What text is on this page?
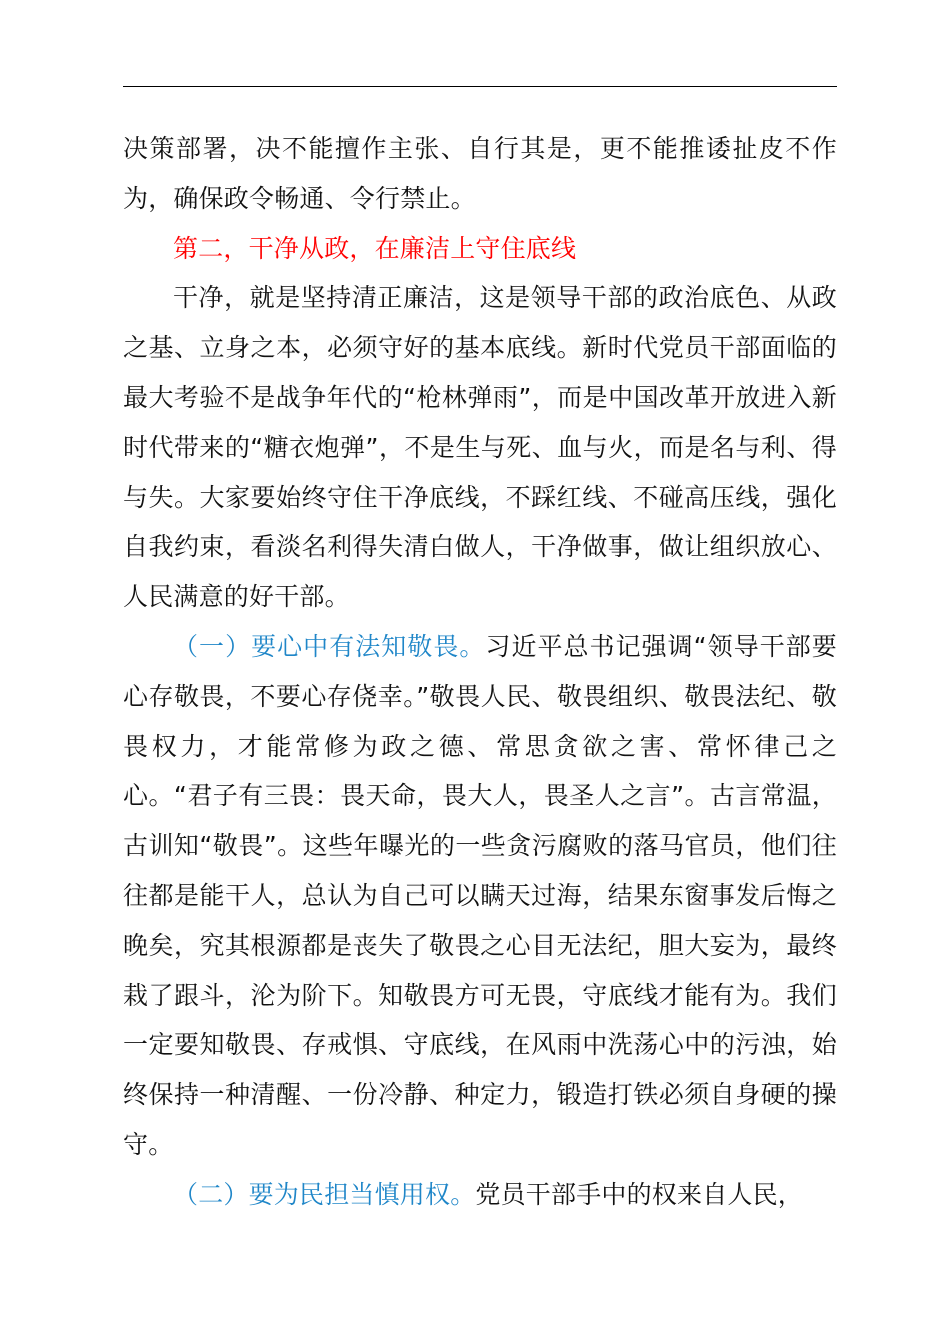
决策部署，决不能擅作主张、自行其是，更不能推诿扯皮不作为，确保政令畅通、令行禁止。

第二，干净从政，在廉洁上守住底线

干净，就是坚持清正廉洁，这是领导干部的政治底色、从政之基、立身之本，必须守好的基本底线。新时代党员干部面临的最大考验不是战争年代的“枪林弹雨”，而是中国改革开放进入新时代带来的“糖衣炮弹”，不是生与死、血与火，而是名与利、得与失。大家要始终守住干净底线，不踩红线、不碰高压线，强化自我约束，看淡名利得失清白做人，干净做事，做让组织放心、人民满意的好干部。

（一）要心中有法知敬畏。习近平总书记强调“领导干部要心存敬畏，不要心存侥幸。”敬畏人民、敬畏组织、敬畏法纪、敬畏权力，才能常修为政之德、常思贪欲之害、常怀律己之心。“君子有三畏：畏天命，畏大人，畏圣人之言”。古言常温，古训知“敬畏”。这些年曝光的一些贪污腐败的落马官员，他们往往都是能干人，总认为自己可以瞒天过海，结果东窗事发后悔之晚矣，究其根源都是丧失了敬畏之心目无法纪，胆大妄为，最终栽了跟斗，沦为阶下。知敬畏方可无畏，守底线才能有为。我们一定要知敬畏、存戒惧、守底线，在风雨中洗荡心中的污浊，始终保持一种清醒、一份冷静、种定力，锻造打铁必须自身硬的操守。

（二）要为民担当慎用权。党员干部手中的权来自人民，
